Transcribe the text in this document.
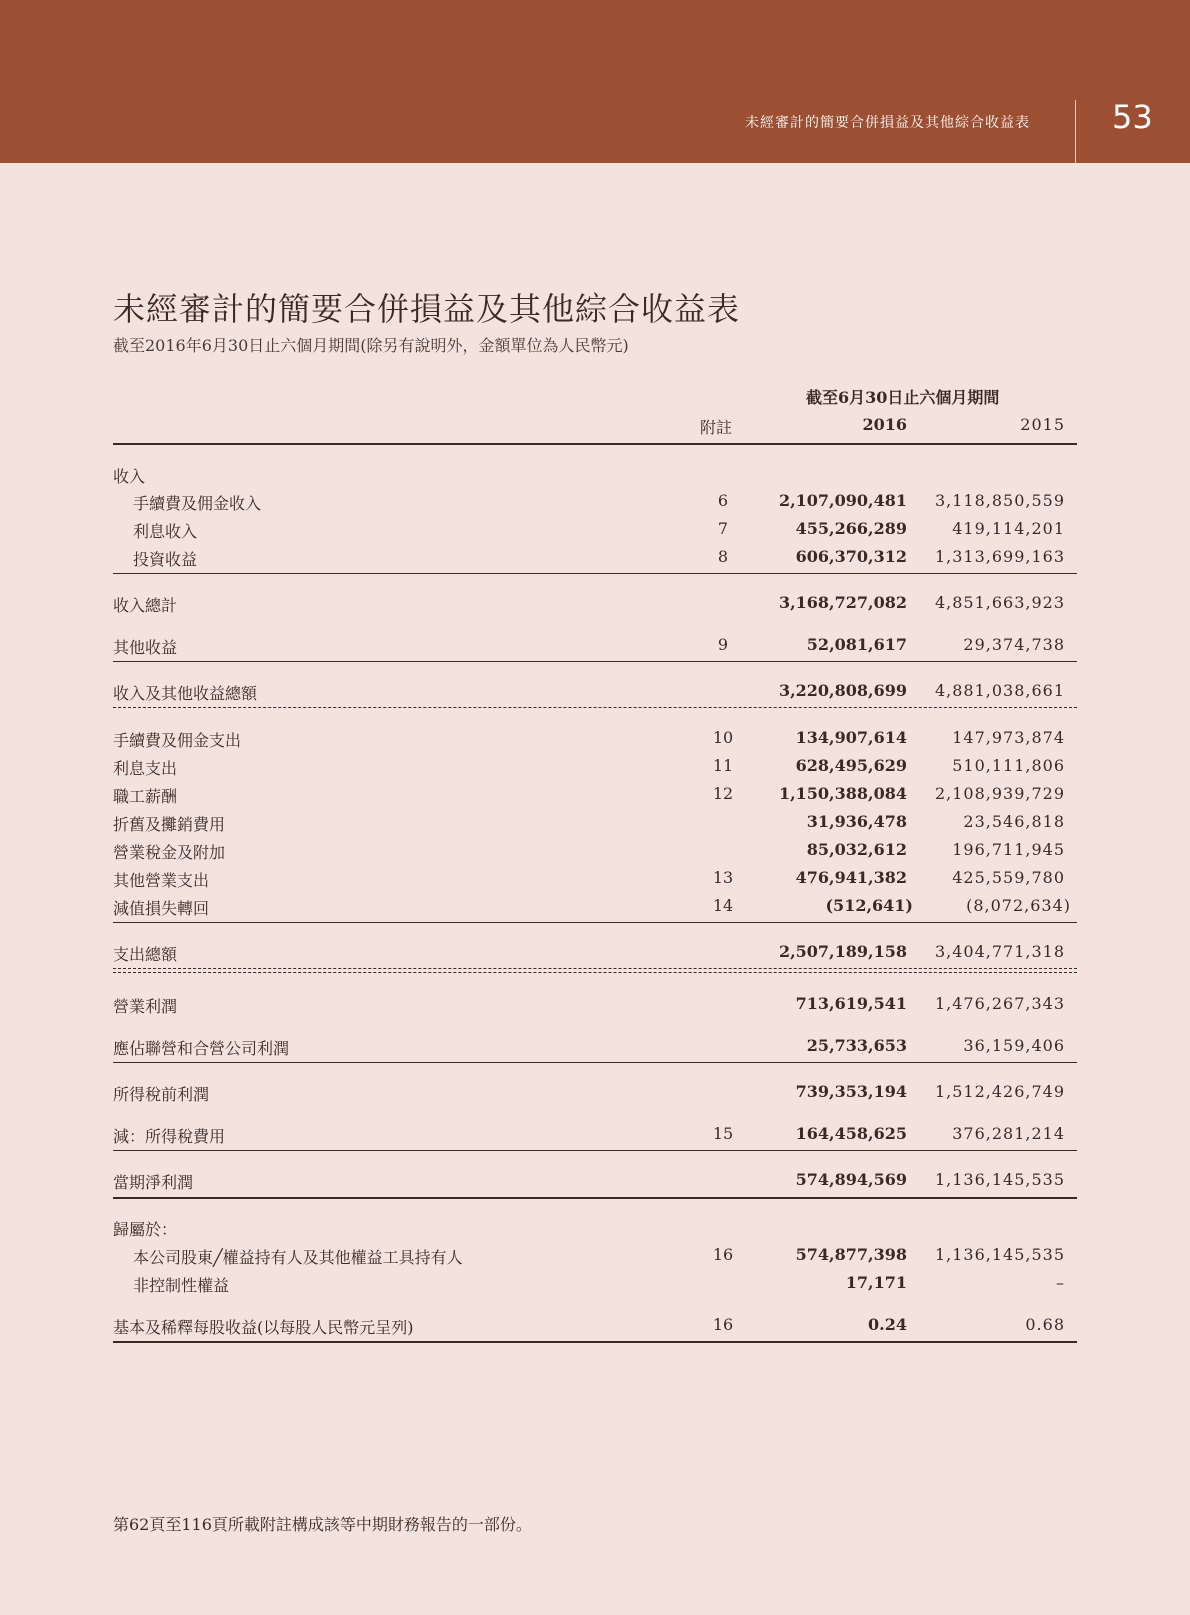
未經審計的簡要合併損益及其他綜合收益表	53
未經審計的簡要合併損益及其他綜合收益表
截至2016年6月30日止六個月期間(除另有說明外，金額單位為人民幣元)
截至6月30日止六個月期間
附註	2016	2015
收入
手續費及佣金收入	6	2,107,090,481 3,118,850,559
利息收入	7	455,266,289	419,114,201
投資收益	8	606,370,312 1,313,699,163
收入總計	3,168,727,082 4,851,663,923
其他收益	9	52,081,617	29,374,738
收入及其他收益總額	3,220,808,699 4,881,038,661
手續費及佣金支出	10	134,907,614	147,973,874
利息支出	11	628,495,629	510,111,806
職工薪酬	12	1,150,388,084 2,108,939,729
折舊及攤銷費用	31,936,478	23,546,818
營業稅金及附加	85,032,612	196,711,945
其他營業支出	13	476,941,382	425,559,780
減值損失轉回	14	(512,641)	(8,072,634)
支出總額	2,507,189,158 3,404,771,318
營業利潤	713,619,541 1,476,267,343
應佔聯營和合營公司利潤	25,733,653	36,159,406
所得稅前利潤	739,353,194 1,512,426,749
減：所得稅費用	15	164,458,625	376,281,214
當期淨利潤	574,894,569 1,136,145,535
歸屬於：
本公司股東╱權益持有人及其他權益工具持有人	16	574,877,398 1,136,145,535
非控制性權益	17,171	–
基本及稀釋每股收益(以每股人民幣元呈列)	16	0.24	0.68
第62頁至116頁所載附註構成該等中期財務報告的一部份。
